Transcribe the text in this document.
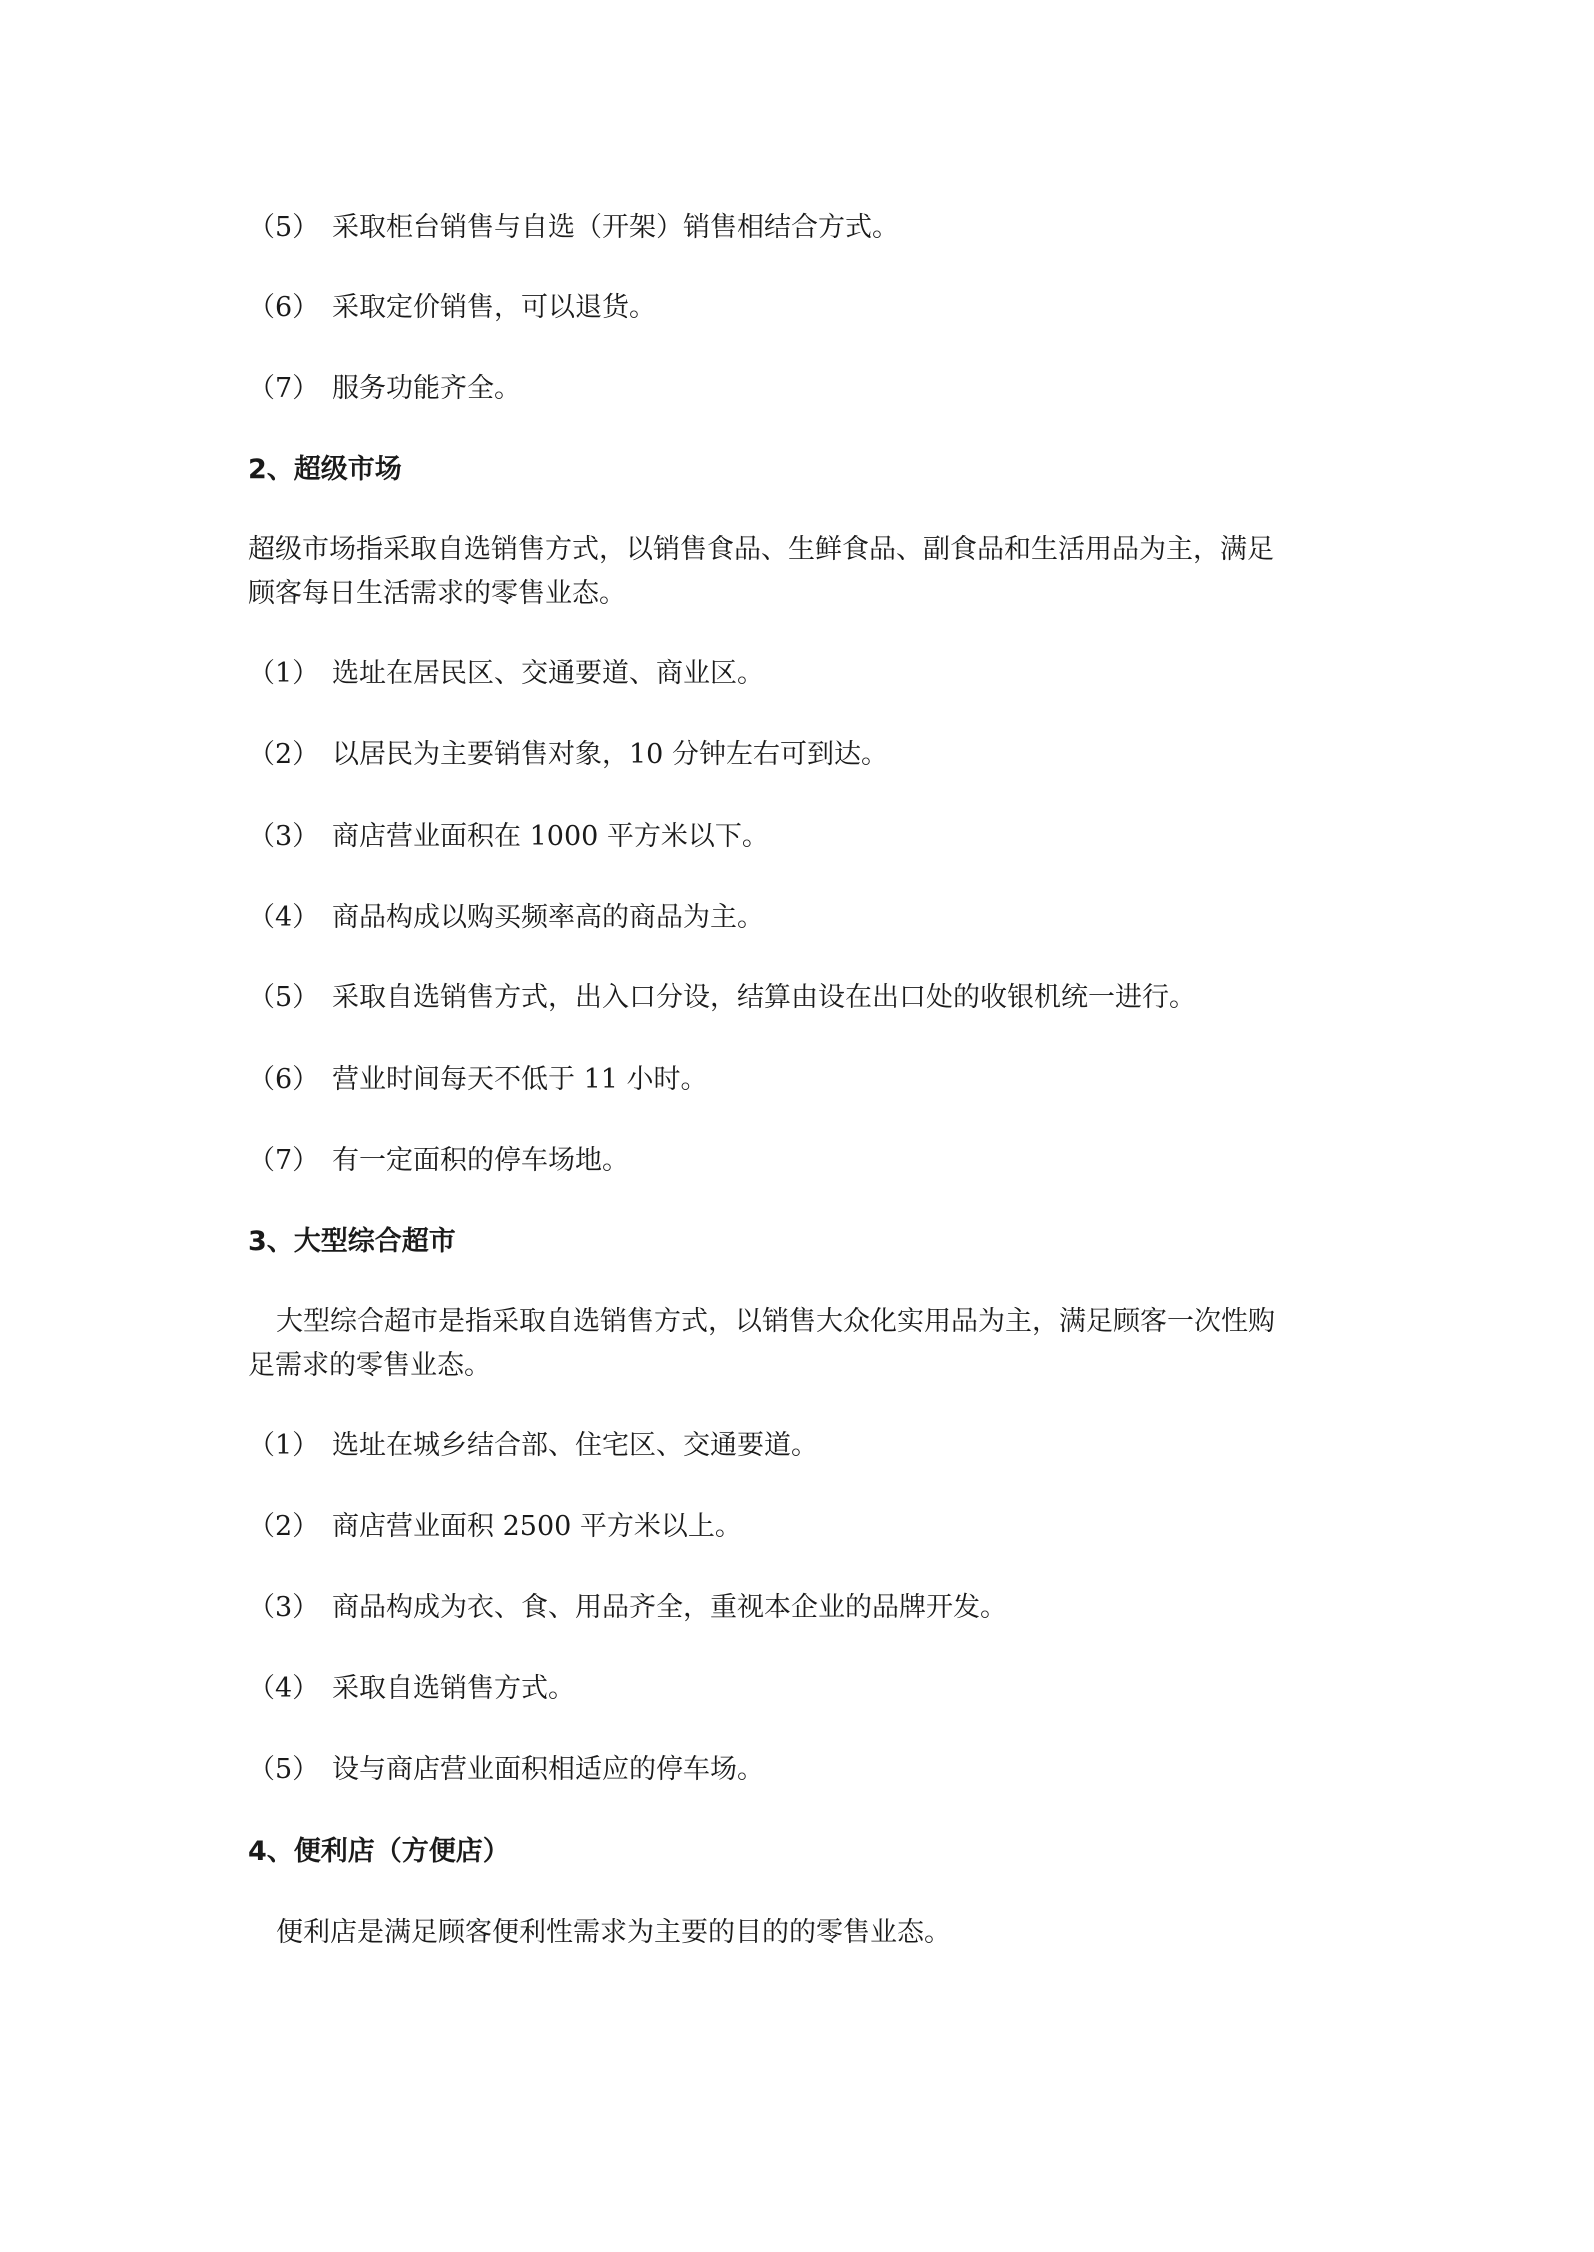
（5） 采取柜台销售与自选（开架）销售相结合方式。
（6） 采取定价销售，可以退货。
（7） 服务功能齐全。
2、超级市场
超级市场指采取自选销售方式，以销售食品、生鲜食品、副食品和生活用品为主，满足
顾客每日生活需求的零售业态。
（1） 选址在居民区、交通要道、商业区。
（2） 以居民为主要销售对象，10 分钟左右可到达。
（3） 商店营业面积在 1000 平方米以下。
（4） 商品构成以购买频率高的商品为主。
（5） 采取自选销售方式，出入口分设，结算由设在出口处的收银机统一进行。
（6） 营业时间每天不低于 11 小时。
（7） 有一定面积的停车场地。
3、大型综合超市
大型综合超市是指采取自选销售方式，以销售大众化实用品为主，满足顾客一次性购
足需求的零售业态。
（1） 选址在城乡结合部、住宅区、交通要道。
（2） 商店营业面积 2500 平方米以上。
（3） 商品构成为衣、食、用品齐全，重视本企业的品牌开发。
（4） 采取自选销售方式。
（5） 设与商店营业面积相适应的停车场。
4、便利店（方便店）
便利店是满足顾客便利性需求为主要的目的的零售业态。
